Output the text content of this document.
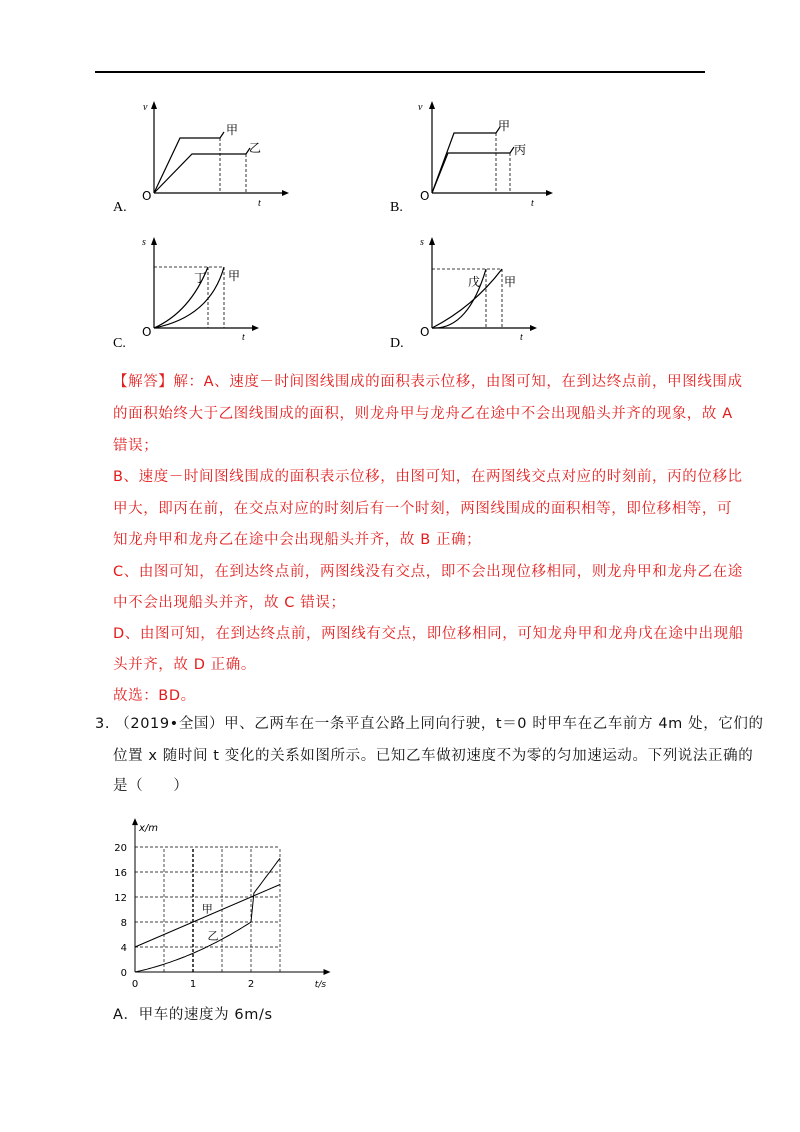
v
t
O
甲
乙
A.
v
t
O
甲
丙
B.
s
t
O
丁 甲
C.
s
t
O
戊 甲
D.
【解答】解：A、速度－时间图线围成的面积表示位移，由图可知，在到达终点前，甲图线围成
的面积始终大于乙图线围成的面积，则龙舟甲与龙舟乙在途中不会出现船头并齐的现象，故 A
错误；
B、速度－时间图线围成的面积表示位移，由图可知，在两图线交点对应的时刻前，丙的位移比
甲大，即丙在前，在交点对应的时刻后有一个时刻，两图线围成的面积相等，即位移相等，可
知龙舟甲和龙舟乙在途中会出现船头并齐，故 B 正确；
C、由图可知，在到达终点前，两图线没有交点，即不会出现位移相同，则龙舟甲和龙舟乙在途
中不会出现船头并齐，故 C 错误；
D、由图可知，在到达终点前，两图线有交点，即位移相同，可知龙舟甲和龙舟戊在途中出现船
头并齐，故 D 正确。
故选：BD。
3. （2019•全国）甲、乙两车在一条平直公路上同向行驶，t＝0 时甲车在乙车前方 4m 处，它们的
位置 x 随时间 t 变化的关系如图所示。已知乙车做初速度不为零的匀加速运动。下列说法正确的
是（　　）
0
4
8
12
16
20
0	1	2
x/m
t/s
甲
乙
A．甲车的速度为 6m/s
